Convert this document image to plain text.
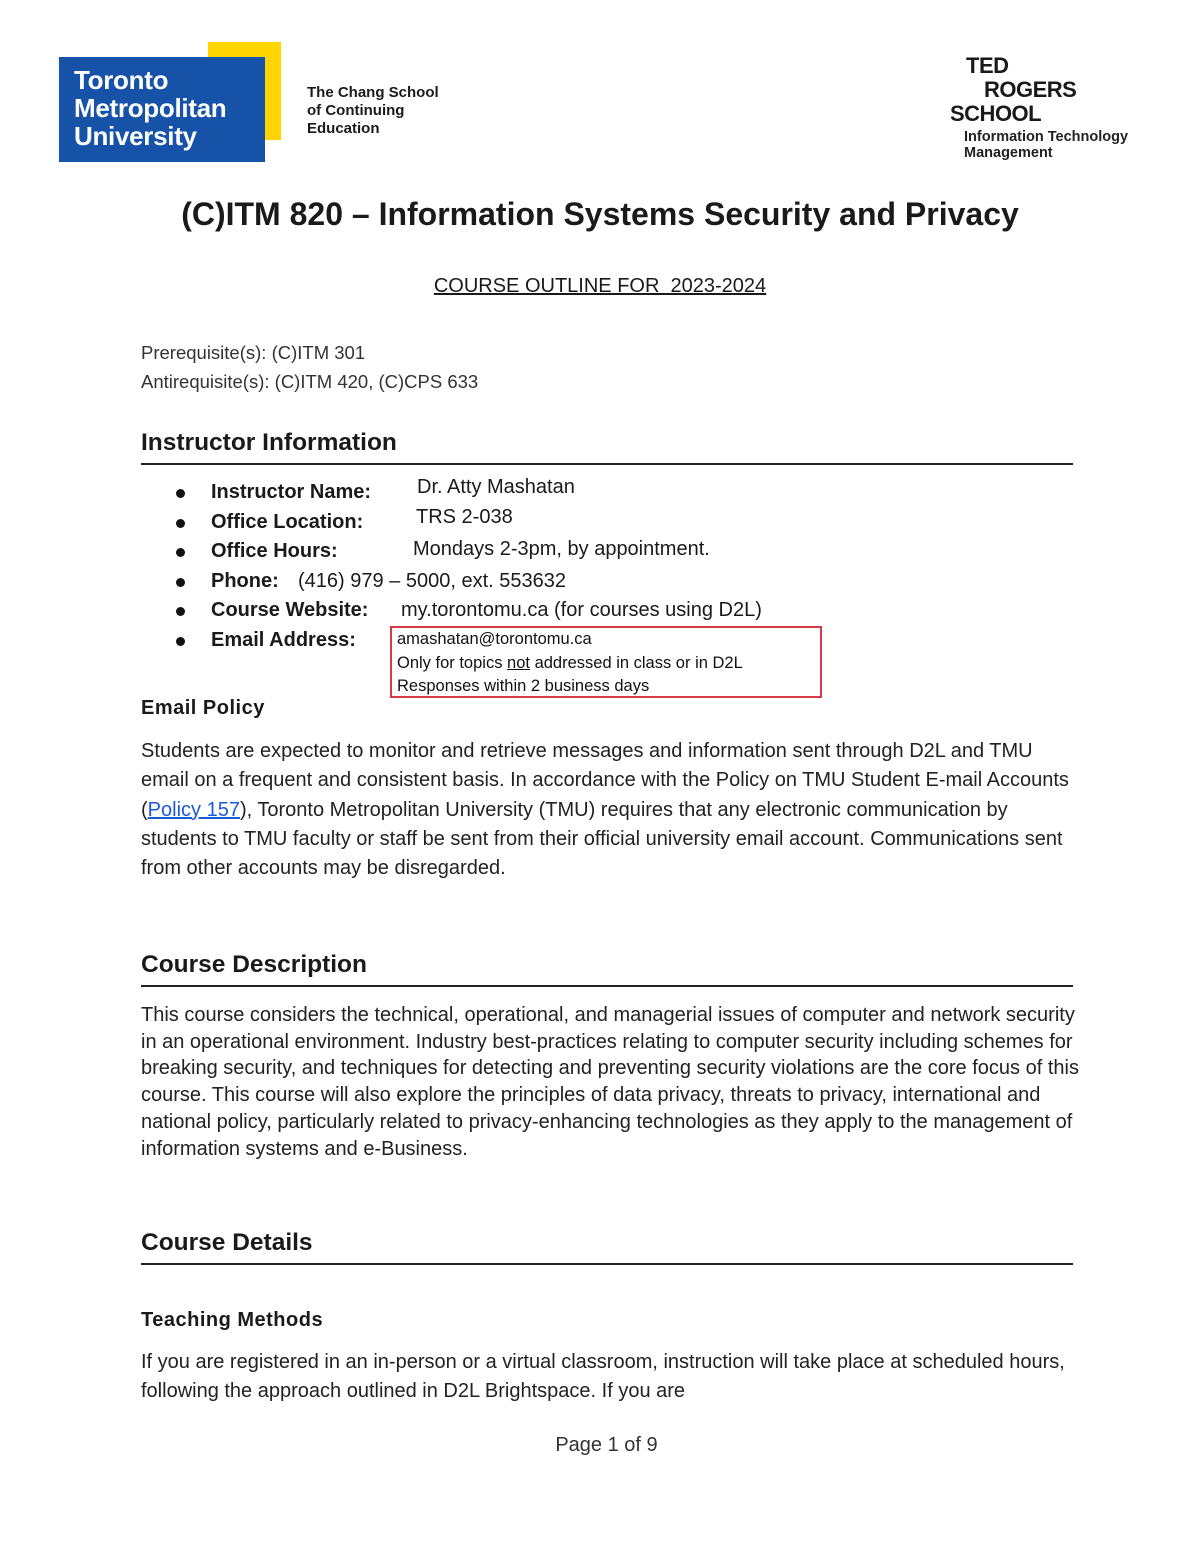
Toronto
Metropolitan
University
The Chang School
of Continuing
Education
TED
ROGERS
SCHOOL
Information Technology
Management
(C)ITM 820 – Information Systems Security and Privacy
COURSE OUTLINE FOR  2023-2024
Prerequisite(s): (C)ITM 301
Antirequisite(s): (C)ITM 420, (C)CPS 633
Instructor Information
Instructor Name: Dr. Atty Mashatan
Office Location:	TRS 2-038
Office Hours:	Mondays 2-3pm, by appointment.
Phone: (416) 979 – 5000, ext. 553632
Course Website: my.torontomu.ca (for courses using D2L)
Email Address: amashatan@torontomu.ca
Only for topics not addressed in class or in D2L
Responses within 2 business days
Email Policy
Students are expected to monitor and retrieve messages and information sent through D2L and TMU email on a frequent and consistent basis. In accordance with the Policy on TMU Student E-mail Accounts (Policy 157), Toronto Metropolitan University (TMU) requires that any electronic communication by students to TMU faculty or staff be sent from their official university email account. Communications sent from other accounts may be disregarded.
Course Description
This course considers the technical, operational, and managerial issues of computer and network security in an operational environment. Industry best-practices relating to computer security including schemes for breaking security, and techniques for detecting and preventing security violations are the core focus of this course. This course will also explore the principles of data privacy, threats to privacy, international and national policy, particularly related to privacy-enhancing technologies as they apply to the management of information systems and e-Business.
Course Details
Teaching Methods
If you are registered in an in-person or a virtual classroom, instruction will take place at scheduled hours, following the approach outlined in D2L Brightspace. If you are
Page 1 of 9
